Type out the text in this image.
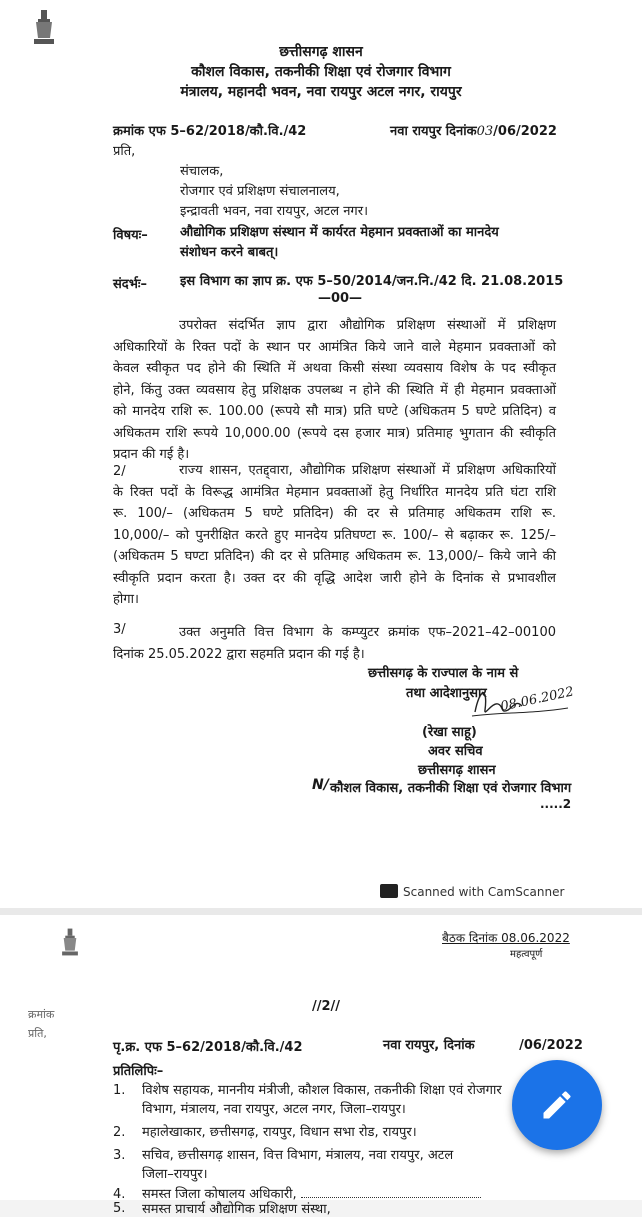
छत्तीसगढ़ शासन
कौशल विकास, तकनीकी शिक्षा एवं रोजगार विभाग
मंत्रालय, महानदी भवन, नवा रायपुर अटल नगर, रायपुर
क्रमांक एफ 5–62/2018/कौ.वि./42	नवा रायपुर दिनांक03/06/2022
प्रति,
संचालक,
रोजगार एवं प्रशिक्षण संचालनालय,
इन्द्रावती भवन, नवा रायपुर, अटल नगर।
विषयः– औद्योगिक प्रशिक्षण संस्थान में कार्यरत मेहमान प्रवक्ताओं का मानदेय
संशोधन करने बाबत्।
संदर्भः–	इस विभाग का ज्ञाप क्र. एफ 5–50/2014/जन.नि./42 दि. 21.08.2015
—00—
उपरोक्त संदर्भित ज्ञाप द्वारा औद्योगिक प्रशिक्षण संस्थाओं में प्रशिक्षण
अधिकारियों के रिक्त पदों के स्थान पर आमंत्रित किये जाने वाले मेहमान प्रवक्ताओं को
केवल स्वीकृत पद होने की स्थिति में अथवा किसी संस्था व्यवसाय विशेष के पद स्वीकृत
होने, किंतु उक्त व्यवसाय हेतु प्रशिक्षक उपलब्ध न होने की स्थिति में ही मेहमान प्रवक्ताओं
को मानदेय राशि रू. 100.00 (रूपये सौ मात्र) प्रति घण्टे (अधिकतम 5 घण्टे प्रतिदिन) व
अधिकतम राशि रूपये 10,000.00 (रूपये दस हजार मात्र) प्रतिमाह भुगतान की स्वीकृति
प्रदान की गई है।
2/	राज्य शासन, एतद्द्वारा, औद्योगिक प्रशिक्षण संस्थाओं में प्रशिक्षण अधिकारियों
के रिक्त पदों के विरूद्ध आमंत्रित मेहमान प्रवक्ताओं हेतु निर्धारित मानदेय प्रति घंटा राशि
रू. 100/– (अधिकतम 5 घण्टे प्रतिदिन) की दर से प्रतिमाह अधिकतम राशि रू.
10,000/– को पुनरीक्षित करते हुए मानदेय प्रतिघण्टा रू. 100/– से बढ़ाकर रू. 125/–
(अधिकतम 5 घण्टा प्रतिदिन) की दर से प्रतिमाह अधिकतम रू. 13,000/– किये जाने की
स्वीकृति प्रदान करता है। उक्त दर की वृद्धि आदेश जारी होने के दिनांक से प्रभावशील
होगा।
3/	उक्त अनुमति वित्त विभाग के कम्प्युटर क्रमांक एफ–2021–42–00100
दिनांक 25.05.2022 द्वारा सहमति प्रदान की गई है।
छत्तीसगढ़ के राज्पाल के नाम से
तथा आदेशानुसार 08.06.2022
(रेखा साहू)
अवर सचिव
छत्तीसगढ़ शासन
N/ कौशल विकास, तकनीकी शिक्षा एवं रोजगार विभाग
.....2
Scanned with CamScanner
बैठक दिनांक 08.06.2022
महत्वपूर्ण
//2//
क्रमांक
प्रति,
पृ.क्र. एफ 5–62/2018/कौ.वि./42	नवा रायपुर, दिनांक	/06/2022
प्रतिलिपिः–
1. विशेष सहायक, माननीय मंत्रीजी, कौशल विकास, तकनीकी शिक्षा एवं रोजगार
विभाग, मंत्रालय, नवा रायपुर, अटल नगर, जिला–रायपुर।
2. महालेखाकार, छत्तीसगढ़, रायपुर, विधान सभा रोड, रायपुर।
3. सचिव, छत्तीसगढ़ शासन, वित्त विभाग, मंत्रालय, नवा रायपुर, अटल
जिला–रायपुर।
4. समस्त जिला कोषालय अधिकारी,
5. समस्त प्राचार्य औद्योगिक प्रशिक्षण संस्था,
